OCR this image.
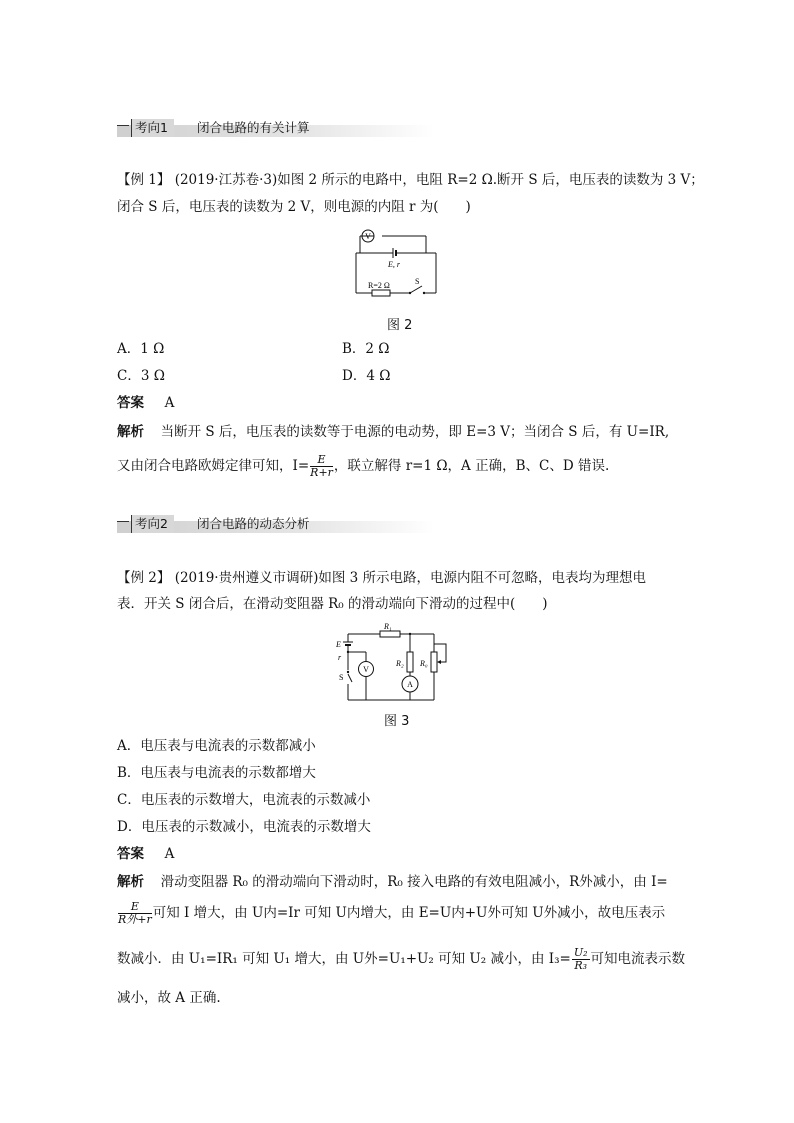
考向1	闭合电路的有关计算
【例 1】 (2019·江苏卷·3)如图 2 所示的电路中，电阻 R=2 Ω.断开 S 后，电压表的读数为 3 V；
闭合 S 后，电压表的读数为 2 V，则电源的内阻 r 为(　　)
V
E, r
R=2 Ω	S
图 2
A．1 Ω	B．2 Ω
C．3 Ω	D．4 Ω
答案 A
解析 当断开 S 后，电压表的读数等于电源的电动势，即 E=3 V；当闭合 S 后，有 U=IR,
又由闭合电路欧姆定律可知，$I= \frac{E}{R+r}$ ，联立解得 r=1 Ω，A 正确，B、C、D 错误.
考向2	闭合电路的动态分析
【例 2】 (2019·贵州遵义市调研)如图 3 所示电路，电源内阻不可忽略，电表均为理想电
表．开关 S 闭合后，在滑动变阻器 R₀ 的滑动端向下滑动的过程中(　　)
E
r
R₁
R₂ R₀
V
A
S
图 3
A．电压表与电流表的示数都减小
B．电压表与电流表的示数都增大
C．电压表的示数增大，电流表的示数减小
D．电压表的示数减小，电流表的示数增大
答案 A
解析 滑动变阻器 R₀ 的滑动端向下滑动时，R₀ 接入电路的有效电阻减小，R外减小，由 I=
$\frac{E}{\text{R外+r}}$ 可知 I 增大，由 U内=Ir 可知 U内增大，由 E=U内+U外可知 U外减小，故电压表示
数减小．由 U₁=IR₁ 可知 U₁ 增大，由 U外=U₁+U₂ 可知 U₂ 减小，由 $I_3= \frac{\text{U₂}}{\text{R₃}}$ 可知电流表示数
减小，故 A 正确.
